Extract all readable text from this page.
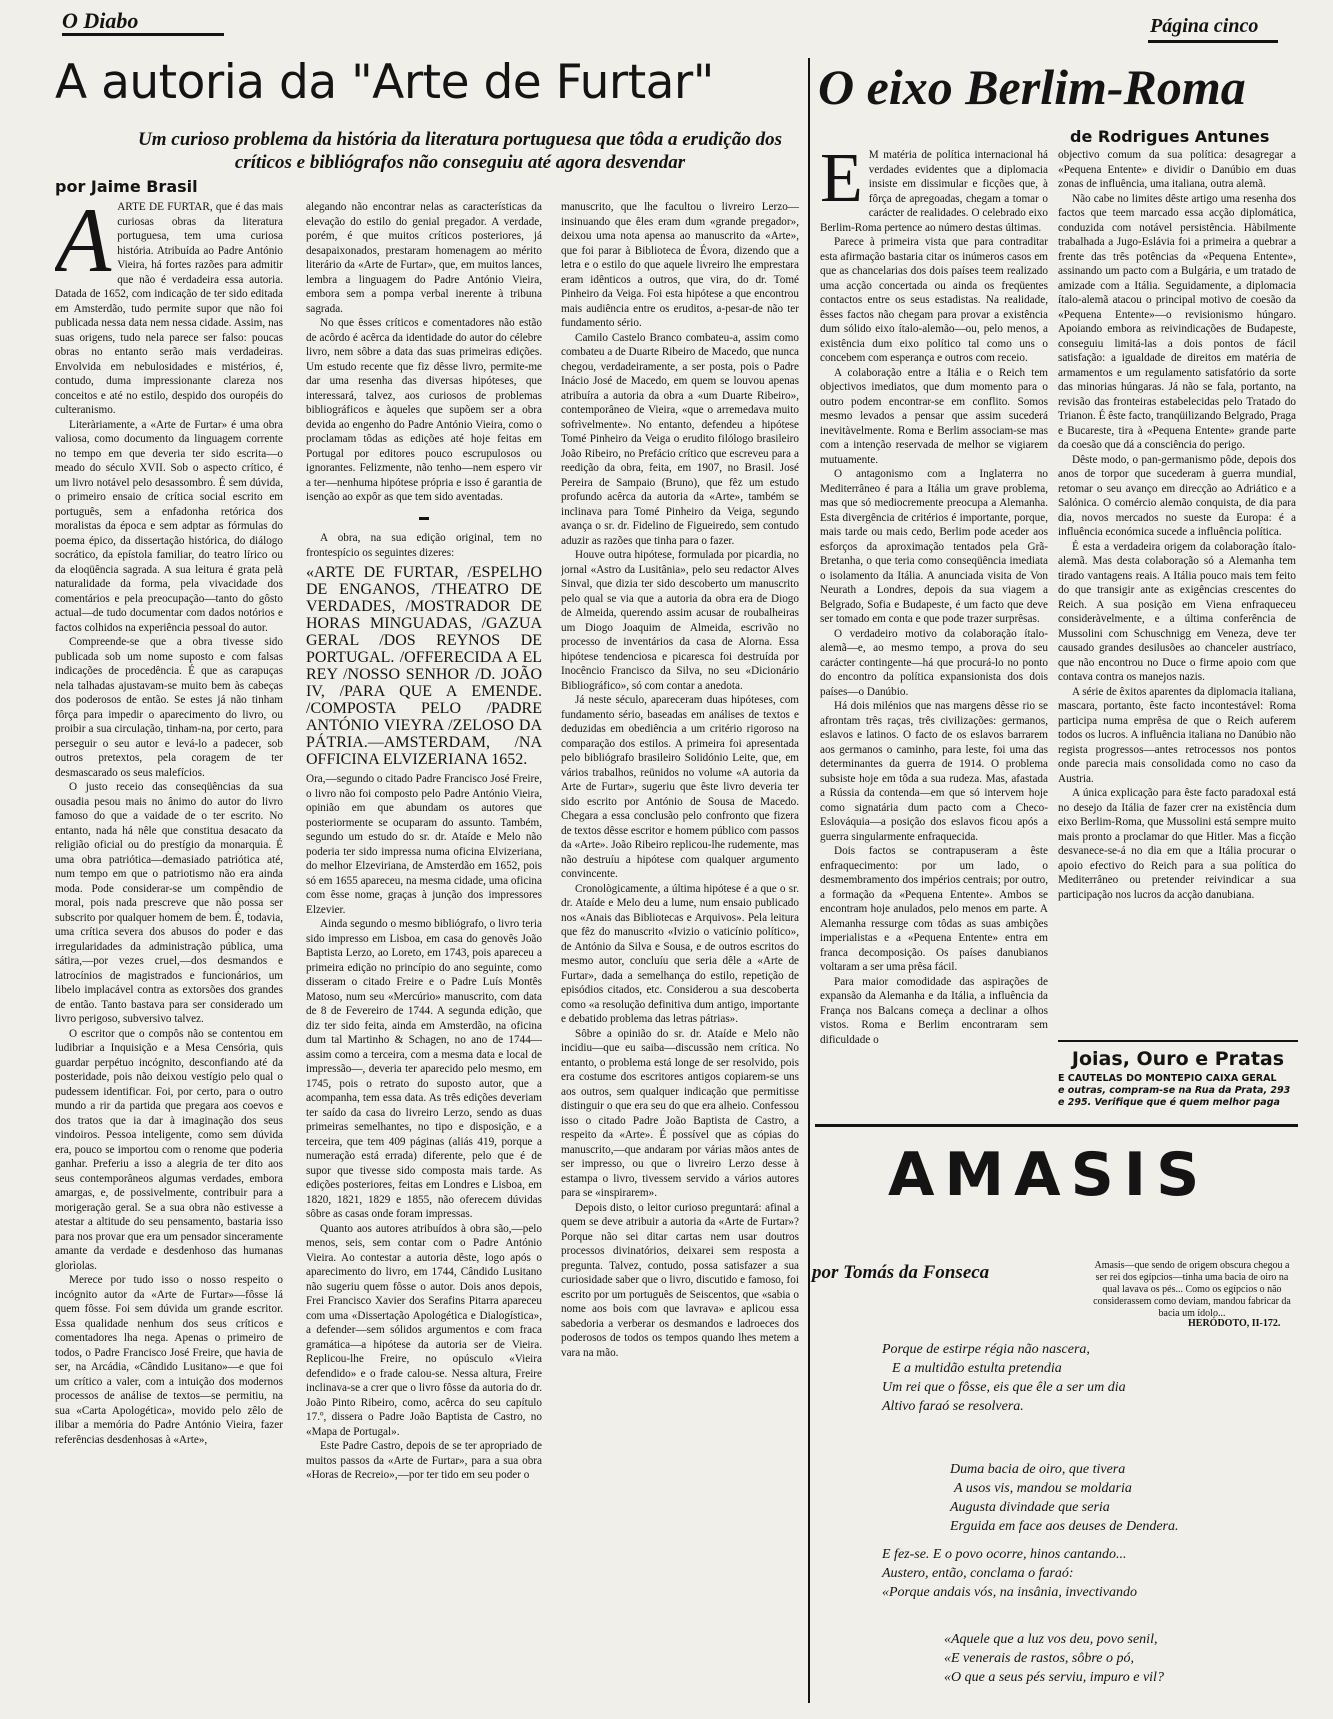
O Diabo	Página cinco
A autoria da "Arte de Furtar"
Um curioso problema da história da literatura portuguesa que tôda a erudição dos críticos e bibliógrafos não conseguiu até agora desvendar
por Jaime Brasil
A ARTE DE FURTAR, que é das mais curiosas obras da literatura portuguesa, tem uma curiosa história. Atribuída ao Padre António Vieira, há fortes razões para admitir que não é verdadeira essa autoria. Datada de 1652, com indicação de ter sido editada em Amsterdão, tudo permite supor que não foi publicada nessa data nem nessa cidade. Assim, nas suas origens, tudo nela parece ser falso: poucas obras no entanto serão mais verdadeiras. Envolvida em nebulosidades e mistérios, é, contudo, duma impressionante clareza nos conceitos e até no estilo, despido dos ouropéis do culteranismo.

Literàriamente, a «Arte de Furtar» é uma obra valiosa, como documento da linguagem corrente no tempo em que deveria ter sido escrita—o meado do século XVII. Sob o aspecto crítico, é um livro notável pelo desassombro. É sem dúvida, o primeiro ensaio de crítica social escrito em português, sem a enfadonha retórica dos moralistas da época e sem adptar as fórmulas do poema épico, da dissertação histórica, do diálogo socrático, da epístola familiar, do teatro lírico ou da eloqüência sagrada. A sua leitura é grata pelà naturalidade da forma, pela vivacidade dos comentários e pela preocupação—tanto do gôsto actual—de tudo documentar com dados notórios e factos colhidos na experiência pessoal do autor.

Compreende-se que a obra tivesse sido publicada sob um nome suposto e com falsas indicações de procedência. É que as carapuças nela talhadas ajustavam-se muito bem às cabeças dos poderosos de então. Se estes já não tinham fôrça para impedir o aparecimento do livro, ou proibir a sua circulação, tinham-na, por certo, para perseguir o seu autor e levá-lo a padecer, sob outros pretextos, pela coragem de ter desmascarado os seus malefícios.

O justo receio das conseqüências da sua ousadia pesou mais no ânimo do autor do livro famoso do que a vaidade de o ter escrito. No entanto, nada há nêle que constitua desacato da religião oficial ou do prestígio da monarquia. É uma obra patriótica—demasiado patriótica até, num tempo em que o patriotismo não era ainda moda. Pode considerar-se um compêndio de moral, pois nada prescreve que não possa ser subscrito por qualquer homem de bem. É, todavia, uma crítica severa dos abusos do poder e das irregularidades da administração pública, uma sátira,—por vezes cruel,—dos desmandos e latrocínios de magistrados e funcionários, um libelo implacável contra as extorsões dos grandes de então. Tanto bastava para ser considerado um livro perigoso, subversivo talvez.

O escritor que o compôs não se contentou em ludibriar a Inquisição e a Mesa Censória, quis guardar perpétuo incógnito, desconfiando até da posteridade, pois não deixou vestígio pelo qual o pudessem identificar. Foi, por certo, para o outro mundo a rir da partida que pregara aos coevos e dos tratos que ia dar à imaginação dos seus vindoiros. Pessoa inteligente, como sem dúvida era, pouco se importou com o renome que poderia ganhar. Preferiu a isso a alegria de ter dito aos seus contemporâneos algumas verdades, embora amargas, e, de possivelmente, contribuir para a morigeração geral. Se a sua obra não estivesse a atestar a altitude do seu pensamento, bastaria isso para nos provar que era um pensador sinceramente amante da verdade e desdenhoso das humanas glorìolas.

Merece por tudo isso o nosso respeito o incógnito autor da «Arte de Furtar»—fôsse lá quem fôsse. Foi sem dúvida um grande escritor. Essa qualidade nenhum dos seus críticos e comentadores lha nega. Apenas o primeiro de todos, o Padre Francisco José Freire, que havia de ser, na Arcádia, «Cândido Lusitano»—e que foi um crítico a valer, com a intuição dos modernos processos de análise de textos—se permitiu, na sua «Carta Apologética», movido pelo zêlo de ilibar a memória do Padre António Vieira, fazer referências desdenhosas à «Arte»,

alegando não encontrar nelas as características da elevação do estilo do genial pregador. A verdade, porém, é que muitos críticos posteriores, já desapaixonados, prestaram homenagem ao mérito literário da «Arte de Furtar», que, em muitos lances, lembra a linguagem do Padre António Vieira, embora sem a pompa verbal inerente à tribuna sagrada.

No que êsses críticos e comentadores não estão de acôrdo é acêrca da identidade do autor do célebre livro, nem sôbre a data das suas primeiras edições. Um estudo recente que fiz dêsse livro, permite-me dar uma resenha das diversas hipóteses, que interessará, talvez, aos curiosos de problemas bibliográficos e àqueles que supõem ser a obra devida ao engenho do Padre António Vieira, como o proclamam tôdas as edições até hoje feitas em Portugal por editores pouco escrupulosos ou ignorantes. Felizmente, não tenho—nem espero vir a ter—nenhuma hipótese própria e isso é garantia de isenção ao expôr as que tem sido aventadas.

▬

A obra, na sua edição original, tem no frontespício os seguintes dizeres:

«ARTE DE FURTAR, /ESPELHO DE ENGANOS, /THEATRO DE VERDADES, /MOSTRADOR DE HORAS MINGUADAS, /GAZUA GERAL /DOS REYNOS DE PORTUGAL. /OFFERECIDA A EL REY /NOSSO SENHOR /D. JOÃO IV, /PARA QUE A EMENDE. /COMPOSTA PELO /PADRE ANTÓNIO VIEYRA /ZELOSO DA PÁTRIA.—AMSTERDAM, /NA OFFICINA ELVIZERIANA 1652.

Ora,—segundo o citado Padre Francisco José Freire, o livro não foi composto pelo Padre António Vieira, opinião em que abundam os autores que posteriormente se ocuparam do assunto. Também, segundo um estudo do sr. dr. Ataíde e Melo não poderia ter sido impressa numa oficina Elvizeriana, do melhor Elzeviriana, de Amsterdão em 1652, pois só em 1655 apareceu, na mesma cidade, uma oficina com êsse nome, graças à junção dos impressores Elzevier.

Ainda segundo o mesmo bibliógrafo, o livro teria sido impresso em Lisboa, em casa do genovês João Baptista Lerzo, ao Loreto, em 1743, pois apareceu a primeira edição no princípio do ano seguinte, como disseram o citado Freire e o Padre Luís Montês Matoso, num seu «Mercúrio» manuscrito, com data de 8 de Fevereiro de 1744. A segunda edição, que diz ter sido feita, ainda em Amsterdão, na oficina dum tal Martinho & Schagen, no ano de 1744—assim como a terceira, com a mesma data e local de impressão—, deveria ter aparecido pelo mesmo, em 1745, pois o retrato do suposto autor, que a acompanha, tem essa data. As três edições deveriam ter saído da casa do livreiro Lerzo, sendo as duas primeiras semelhantes, no tipo e disposição, e a terceira, que tem 409 páginas (aliás 419, porque a numeração está errada) diferente, pelo que é de supor que tivesse sido composta mais tarde. As edições posteriores, feitas em Londres e Lisboa, em 1820, 1821, 1829 e 1855, não oferecem dúvidas sôbre as casas onde foram impressas.

Quanto aos autores atribuídos à obra são,—pelo menos, seis, sem contar com o Padre António Vieira. Ao contestar a autoria dêste, logo após o aparecimento do livro, em 1744, Cândido Lusitano não sugeriu quem fôsse o autor. Dois anos depois, Frei Francisco Xavier dos Serafins Pitarra apareceu com uma «Dissertação Apologética e Dialogística», a defender—sem sólidos argumentos e com fraca gramática—a hipótese da autoria ser de Vieira. Replicou-lhe Freire, no opúsculo «Vieira defendido» e o frade calou-se. Nessa altura, Freire inclinava-se a crer que o livro fôsse da autoria do dr. João Pinto Ribeiro, como, acêrca do seu capítulo 17.º, dissera o Padre João Baptista de Castro, no «Mapa de Portugal».

Este Padre Castro, depois de se ter apropriado de muitos passos da «Arte de Furtar», para a sua obra «Horas de Recreio»,—por ter tido em seu poder o

manuscrito, que lhe facultou o livreiro Lerzo—insinuando que êles eram dum «grande pregador», deixou uma nota apensa ao manuscrito da «Arte», que foi parar à Biblioteca de Évora, dizendo que a letra e o estilo do que aquele livreiro lhe emprestara eram idênticos a outros, que vira, do dr. Tomé Pinheiro da Veiga. Foi esta hipótese a que encontrou mais audiência entre os eruditos, a-pesar-de não ter fundamento sério.

Camilo Castelo Branco combateu-a, assim como combateu a de Duarte Ribeiro de Macedo, que nunca chegou, verdadeiramente, a ser posta, pois o Padre Inácio José de Macedo, em quem se louvou apenas atribuíra a autoria da obra a «um Duarte Ribeiro», contemporâneo de Vieira, «que o arremedava muito sofrìvelmente». No entanto, defendeu a hipótese Tomé Pinheiro da Veiga o erudito filólogo brasileiro João Ribeiro, no Prefácio crítico que escreveu para a reedição da obra, feita, em 1907, no Brasil. José Pereira de Sampaio (Bruno), que fêz um estudo profundo acêrca da autoria da «Arte», também se inclinava para Tomé Pinheiro da Veiga, segundo avança o sr. dr. Fidelino de Figueiredo, sem contudo aduzir as razões que tinha para o fazer.

Houve outra hipótese, formulada por picardia, no jornal «Astro da Lusitânia», pelo seu redactor Alves Sinval, que dizia ter sido descoberto um manuscrito pelo qual se via que a autoria da obra era de Diogo de Almeida, querendo assim acusar de roubalheiras um Diogo Joaquim de Almeida, escrivão no processo de inventários da casa de Alorna. Essa hipótese tendenciosa e picaresca foi destruída por Inocêncio Francisco da Silva, no seu «Dicionário Bibliográfico», só com contar a anedota.

Já neste século, apareceram duas hipóteses, com fundamento sério, baseadas em análises de textos e deduzidas em obediência a um critério rigoroso na comparação dos estilos. A primeira foi apresentada pelo bibliógrafo brasileiro Solidónio Leite, que, em vários trabalhos, reünidos no volume «A autoria da Arte de Furtar», sugeriu que êste livro deveria ter sido escrito por António de Sousa de Macedo. Chegara a essa conclusão pelo confronto que fizera de textos dêsse escritor e homem público com passos da «Arte». João Ribeiro replicou-lhe rudemente, mas não destruíu a hipótese com qualquer argumento convincente.

Cronològicamente, a última hipótese é a que o sr. dr. Ataíde e Melo deu a lume, num ensaio publicado nos «Anais das Bibliotecas e Arquivos». Pela leitura que fêz do manuscrito «Ivizio o vaticínio político», de António da Silva e Sousa, e de outros escritos do mesmo autor, concluíu que seria dêle a «Arte de Furtar», dada a semelhança do estilo, repetição de episódios citados, etc. Considerou a sua descoberta como «a resolução definitiva dum antigo, importante e debatido problema das letras pátrias».

Sôbre a opinião do sr. dr. Ataíde e Melo não incidiu—que eu saiba—discussão nem crítica. No entanto, o problema está longe de ser resolvido, pois era costume dos escritores antigos copiarem-se uns aos outros, sem qualquer indicação que permitisse distinguir o que era seu do que era alheio. Confessou isso o citado Padre João Baptista de Castro, a respeito da «Arte». É possível que as cópias do manuscrito,—que andaram por várias mãos antes de ser impresso, ou que o livreiro Lerzo desse à estampa o livro, tivessem servido a vários autores para se «inspirarem».

Depois disto, o leitor curioso preguntará: afinal a quem se deve atribuir a autoria da «Arte de Furtar»? Porque não sei ditar cartas nem usar doutros processos divinatórios, deixarei sem resposta a pregunta. Talvez, contudo, possa satisfazer a sua curiosidade saber que o livro, discutido e famoso, foi escrito por um português de Seiscentos, que «sabia o nome aos bois com que lavrava» e aplicou essa sabedoria a verberar os desmandos e ladroeces dos poderosos de todos os tempos quando lhes metem a vara na mão.

O eixo Berlim-Roma
de Rodrigues Antunes
E M matéria de política internacional há verdades evidentes que a diplomacia insiste em dissimular e ficções que, à fôrça de apregoadas, chegam a tomar o carácter de realidades. O celebrado eixo Berlim-Roma pertence ao número destas últimas.

Parece à primeira vista que para contraditar esta afirmação bastaria citar os inúmeros casos em que as chancelarias dos dois países teem realizado uma acção concertada ou ainda os freqüentes contactos entre os seus estadistas. Na realidade, êsses factos não chegam para provar a existência dum sólido eixo ítalo-alemão—ou, pelo menos, a existência dum eixo político tal como uns o concebem com esperança e outros com receio.

A colaboração entre a Itália e o Reich tem objectivos imediatos, que dum momento para o outro podem encontrar-se em conflito. Somos mesmo levados a pensar que assim sucederá inevitàvelmente. Roma e Berlim associam-se mas com a intenção reservada de melhor se vigiarem mutuamente.

O antagonismo com a Inglaterra no Mediterrâneo é para a Itália um grave problema, mas que só mediocremente preocupa a Alemanha. Esta divergência de critérios é importante, porque, mais tarde ou mais cedo, Berlim pode aceder aos esforços da aproximação tentados pela Grã-Bretanha, o que teria como conseqüência imediata o isolamento da Itália. A anunciada visita de Von Neurath a Londres, depois da sua viagem a Belgrado, Sofia e Budapeste, é um facto que deve ser tomado em conta e que pode trazer surprêsas.

O verdadeiro motivo da colaboração ítalo-alemã—e, ao mesmo tempo, a prova do seu carácter contingente—há que procurá-lo no ponto do encontro da política expansionista dos dois países—o Danúbio.

Há dois milénios que nas margens dêsse rio se afrontam três raças, três civilizações: germanos, eslavos e latinos. O facto de os eslavos barrarem aos germanos o caminho, para leste, foi uma das determinantes da guerra de 1914. O problema subsiste hoje em tôda a sua rudeza. Mas, afastada a Rússia da contenda—em que só intervem hoje como signatária dum pacto com a Checo-Eslováquia—a posição dos eslavos ficou após a guerra singularmente enfraquecida.

Dois factos se contrapuseram a êste enfraquecimento: por um lado, o desmembramento dos impérios centrais; por outro, a formação da «Pequena Entente». Ambos se encontram hoje anulados, pelo menos em parte. A Alemanha ressurge com tôdas as suas ambições imperialistas e a «Pequena Entente» entra em franca decomposição. Os países danubianos voltaram a ser uma prêsa fácil.

Para maior comodidade das aspirações de expansão da Alemanha e da Itália, a influência da França nos Balcans começa a declinar a olhos vistos. Roma e Berlim encontraram sem dificuldade o

objectivo comum da sua política: desagregar a «Pequena Entente» e dividir o Danúbio em duas zonas de influência, uma italiana, outra alemã.

Não cabe no limites dêste artigo uma resenha dos factos que teem marcado essa acção diplomática, conduzida com notável persistência. Hàbilmente trabalhada a Jugo-Eslávia foi a primeira a quebrar a frente das três potências da «Pequena Entente», assinando um pacto com a Bulgária, e um tratado de amizade com a Itália. Seguidamente, a diplomacia ítalo-alemã atacou o principal motivo de coesão da «Pequena Entente»—o revisionismo húngaro. Apoiando embora as reivindicações de Budapeste, conseguiu limitá-las a dois pontos de fácil satisfação: a igualdade de direitos em matéria de armamentos e um regulamento satisfatório da sorte das minorias húngaras. Já não se fala, portanto, na revisão das fronteiras estabelecidas pelo Tratado do Trianon. É êste facto, tranqüilizando Belgrado, Praga e Bucareste, tira à «Pequena Entente» grande parte da coesão que dá a consciência do perigo.

Dêste modo, o pan-germanismo pôde, depois dos anos de torpor que sucederam à guerra mundial, retomar o seu avanço em direcção ao Adriático e a Salónica. O comércio alemão conquista, de dia para dia, novos mercados no sueste da Europa: é a influência económica sucede a influência política.

É esta a verdadeira origem da colaboração ítalo-alemã. Mas desta colaboração só a Alemanha tem tirado vantagens reais. A Itália pouco mais tem feito do que transigir ante as exigências crescentes do Reich. A sua posição em Viena enfraqueceu consideràvelmente, e a última conferência de Mussolini com Schuschnigg em Veneza, deve ter causado grandes desilusões ao chanceler austríaco, que não encontrou no Duce o firme apoio com que contava contra os manejos nazis.

A série de êxitos aparentes da diplomacia italiana, mascara, portanto, êste facto incontestável: Roma participa numa emprêsa de que o Reich auferem todos os lucros. A influência italiana no Danúbio não regista progressos—antes retrocessos nos pontos onde parecia mais consolidada como no caso da Austria.

A única explicação para êste facto paradoxal está no desejo da Itália de fazer crer na existência dum eixo Berlim-Roma, que Mussolini está sempre muito mais pronto a proclamar do que Hitler. Mas a ficção desvanece-se-á no dia em que a Itália procurar o apoio efectivo do Reich para a sua política do Mediterrâneo ou pretender reivindicar a sua participação nos lucros da acção danubiana.

Joias, Ouro e Pratas
E CAUTELAS DO MONTEPIO CAIXA GERAL
e outras, compram-se na Rua da Prata, 293 e 295. Verifique que é quem melhor paga
AMASIS
por Tomás da Fonseca	Amasis—que sendo de origem obscura chegou a ser rei dos egípcios—tinha uma bacia de oiro na qual lavava os pés... Como os egípcios o não considerassem como deviam, mandou fabricar da bacia um ídolo...
HERÓDOTO, II-172.
Porque de estirpe régia não nascera,
E a multidão estulta pretendia
Um rei que o fôsse, eis que êle a ser um dia
Altivo faraó se resolvera.
Duma bacia de oiro, que tivera
A usos vis, mandou se moldaria
Augusta divindade que seria
Erguida em face aos deuses de Dendera.
E fez-se. E o povo ocorre, hinos cantando...
Austero, então, conclama o faraó:
«Porque andais vós, na insânia, invectivando
«Aquele que a luz vos deu, povo senil,
«E venerais de rastos, sôbre o pó,
«O que a seus pés serviu, impuro e vil?
